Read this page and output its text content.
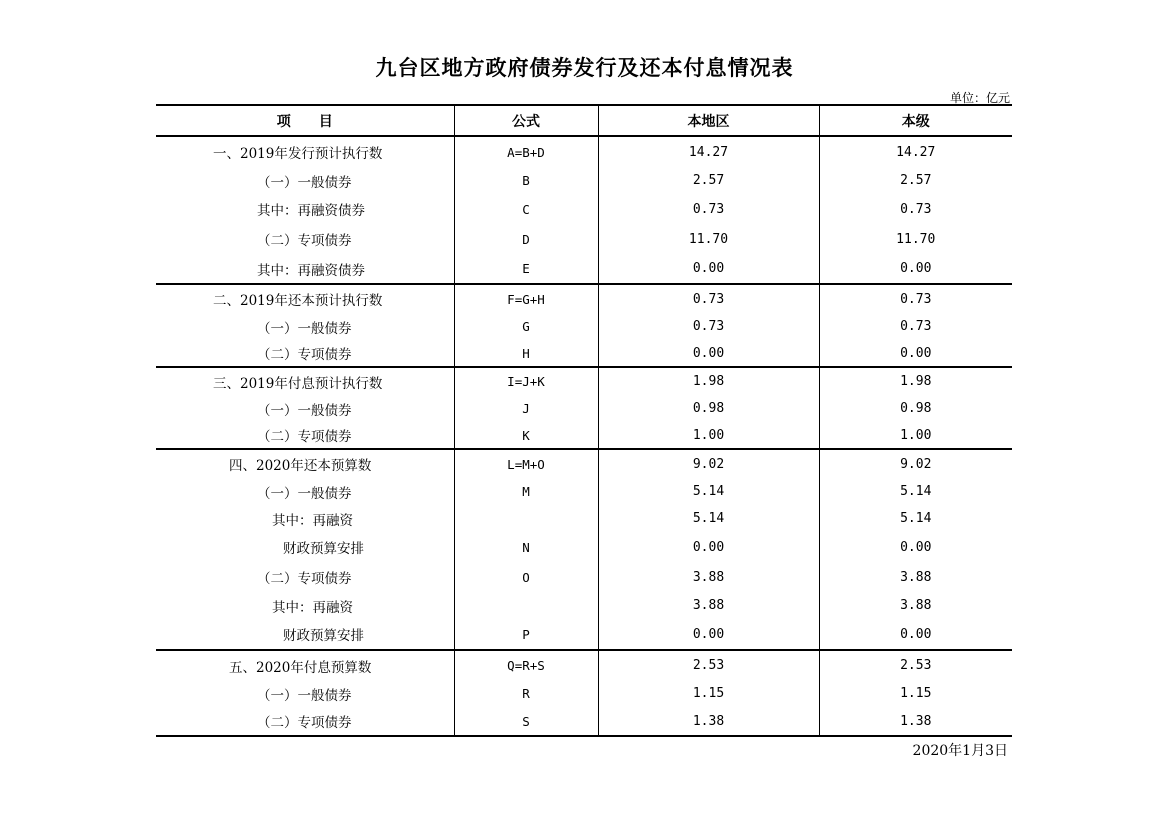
九台区地方政府债券发行及还本付息情况表
单位：亿元
项　　目	公式	本地区	本级
一、2019年发行预计执行数	A=B+D	14.27	14.27
（一）一般债券	B	2.57	2.57
其中：再融资债券	C	0.73	0.73
（二）专项债券	D	11.70	11.70
其中：再融资债券	E	0.00	0.00
二、2019年还本预计执行数	F=G+H	0.73	0.73
（一）一般债券	G	0.73	0.73
（二）专项债券	H	0.00	0.00
三、2019年付息预计执行数	I=J+K	1.98	1.98
（一）一般债券	J	0.98	0.98
（二）专项债券	K	1.00	1.00
四、2020年还本预算数	L=M+O	9.02	9.02
（一）一般债券	M	5.14	5.14
其中：再融资		5.14	5.14
财政预算安排	N	0.00	0.00
（二）专项债券	O	3.88	3.88
其中：再融资		3.88	3.88
财政预算安排	P	0.00	0.00
五、2020年付息预算数	Q=R+S	2.53	2.53
（一）一般债券	R	1.15	1.15
（二）专项债券	S	1.38	1.38
2020年1月3日
